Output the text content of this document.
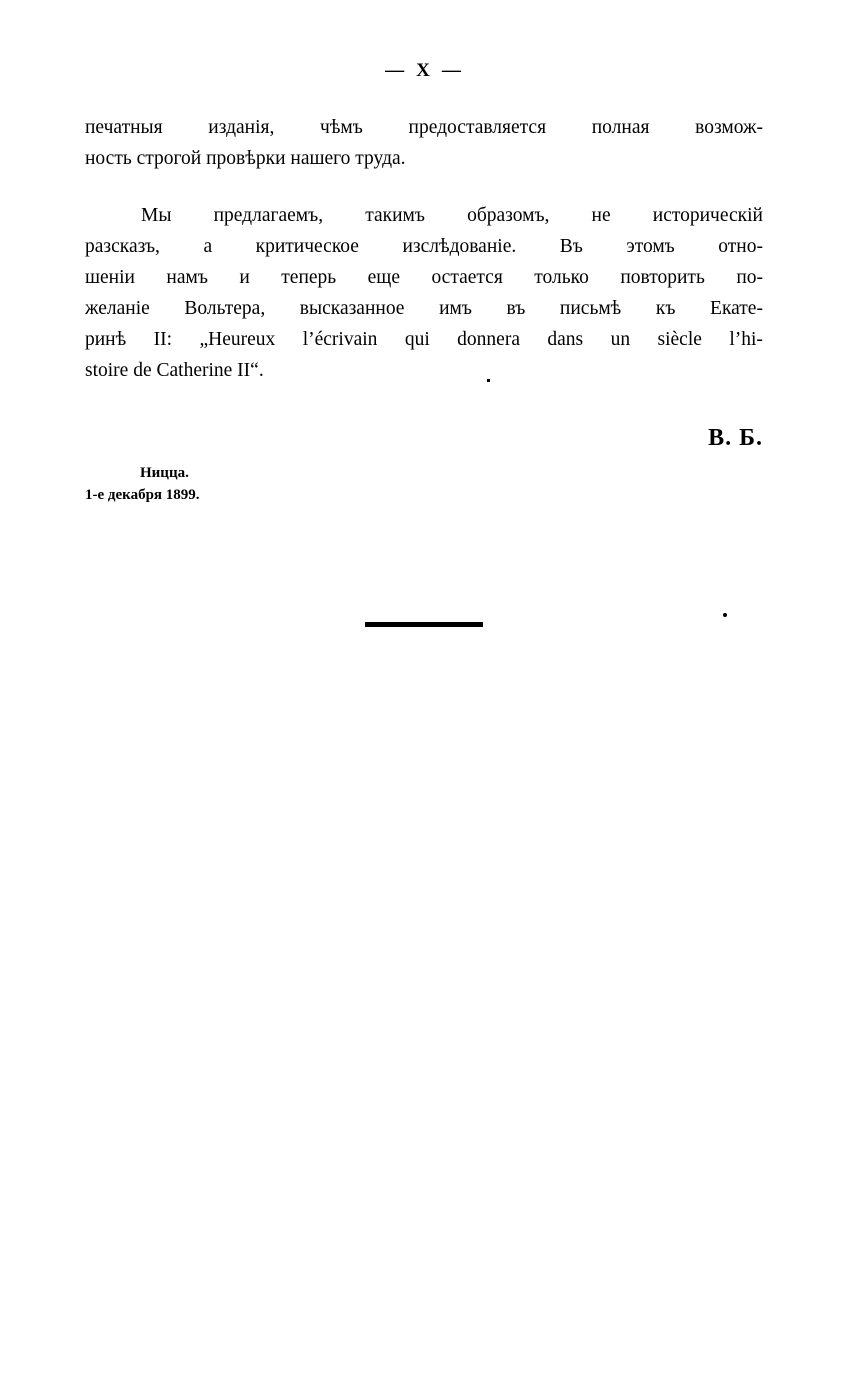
— X —
печатныя изданія, чѣмъ предоставляется полная возмож-
ность
строгой
провѣрки
нашего
труда.
Мы предлагаемъ, такимъ образомъ, не историческій
разсказъ, а критическое изслѣдованіе. Въ этомъ отно-
шеніи намъ и теперь еще остается только повторить по-
желаніе Вольтера, высказанное имъ въ письмѣ къ Екате-
ринѣ II: „Heureux l’écrivain qui donnera dans un siècle l’hi-
stoire
de
Catherine
II“.
В. Б.
Ницца.
1-е декабря 1899.
